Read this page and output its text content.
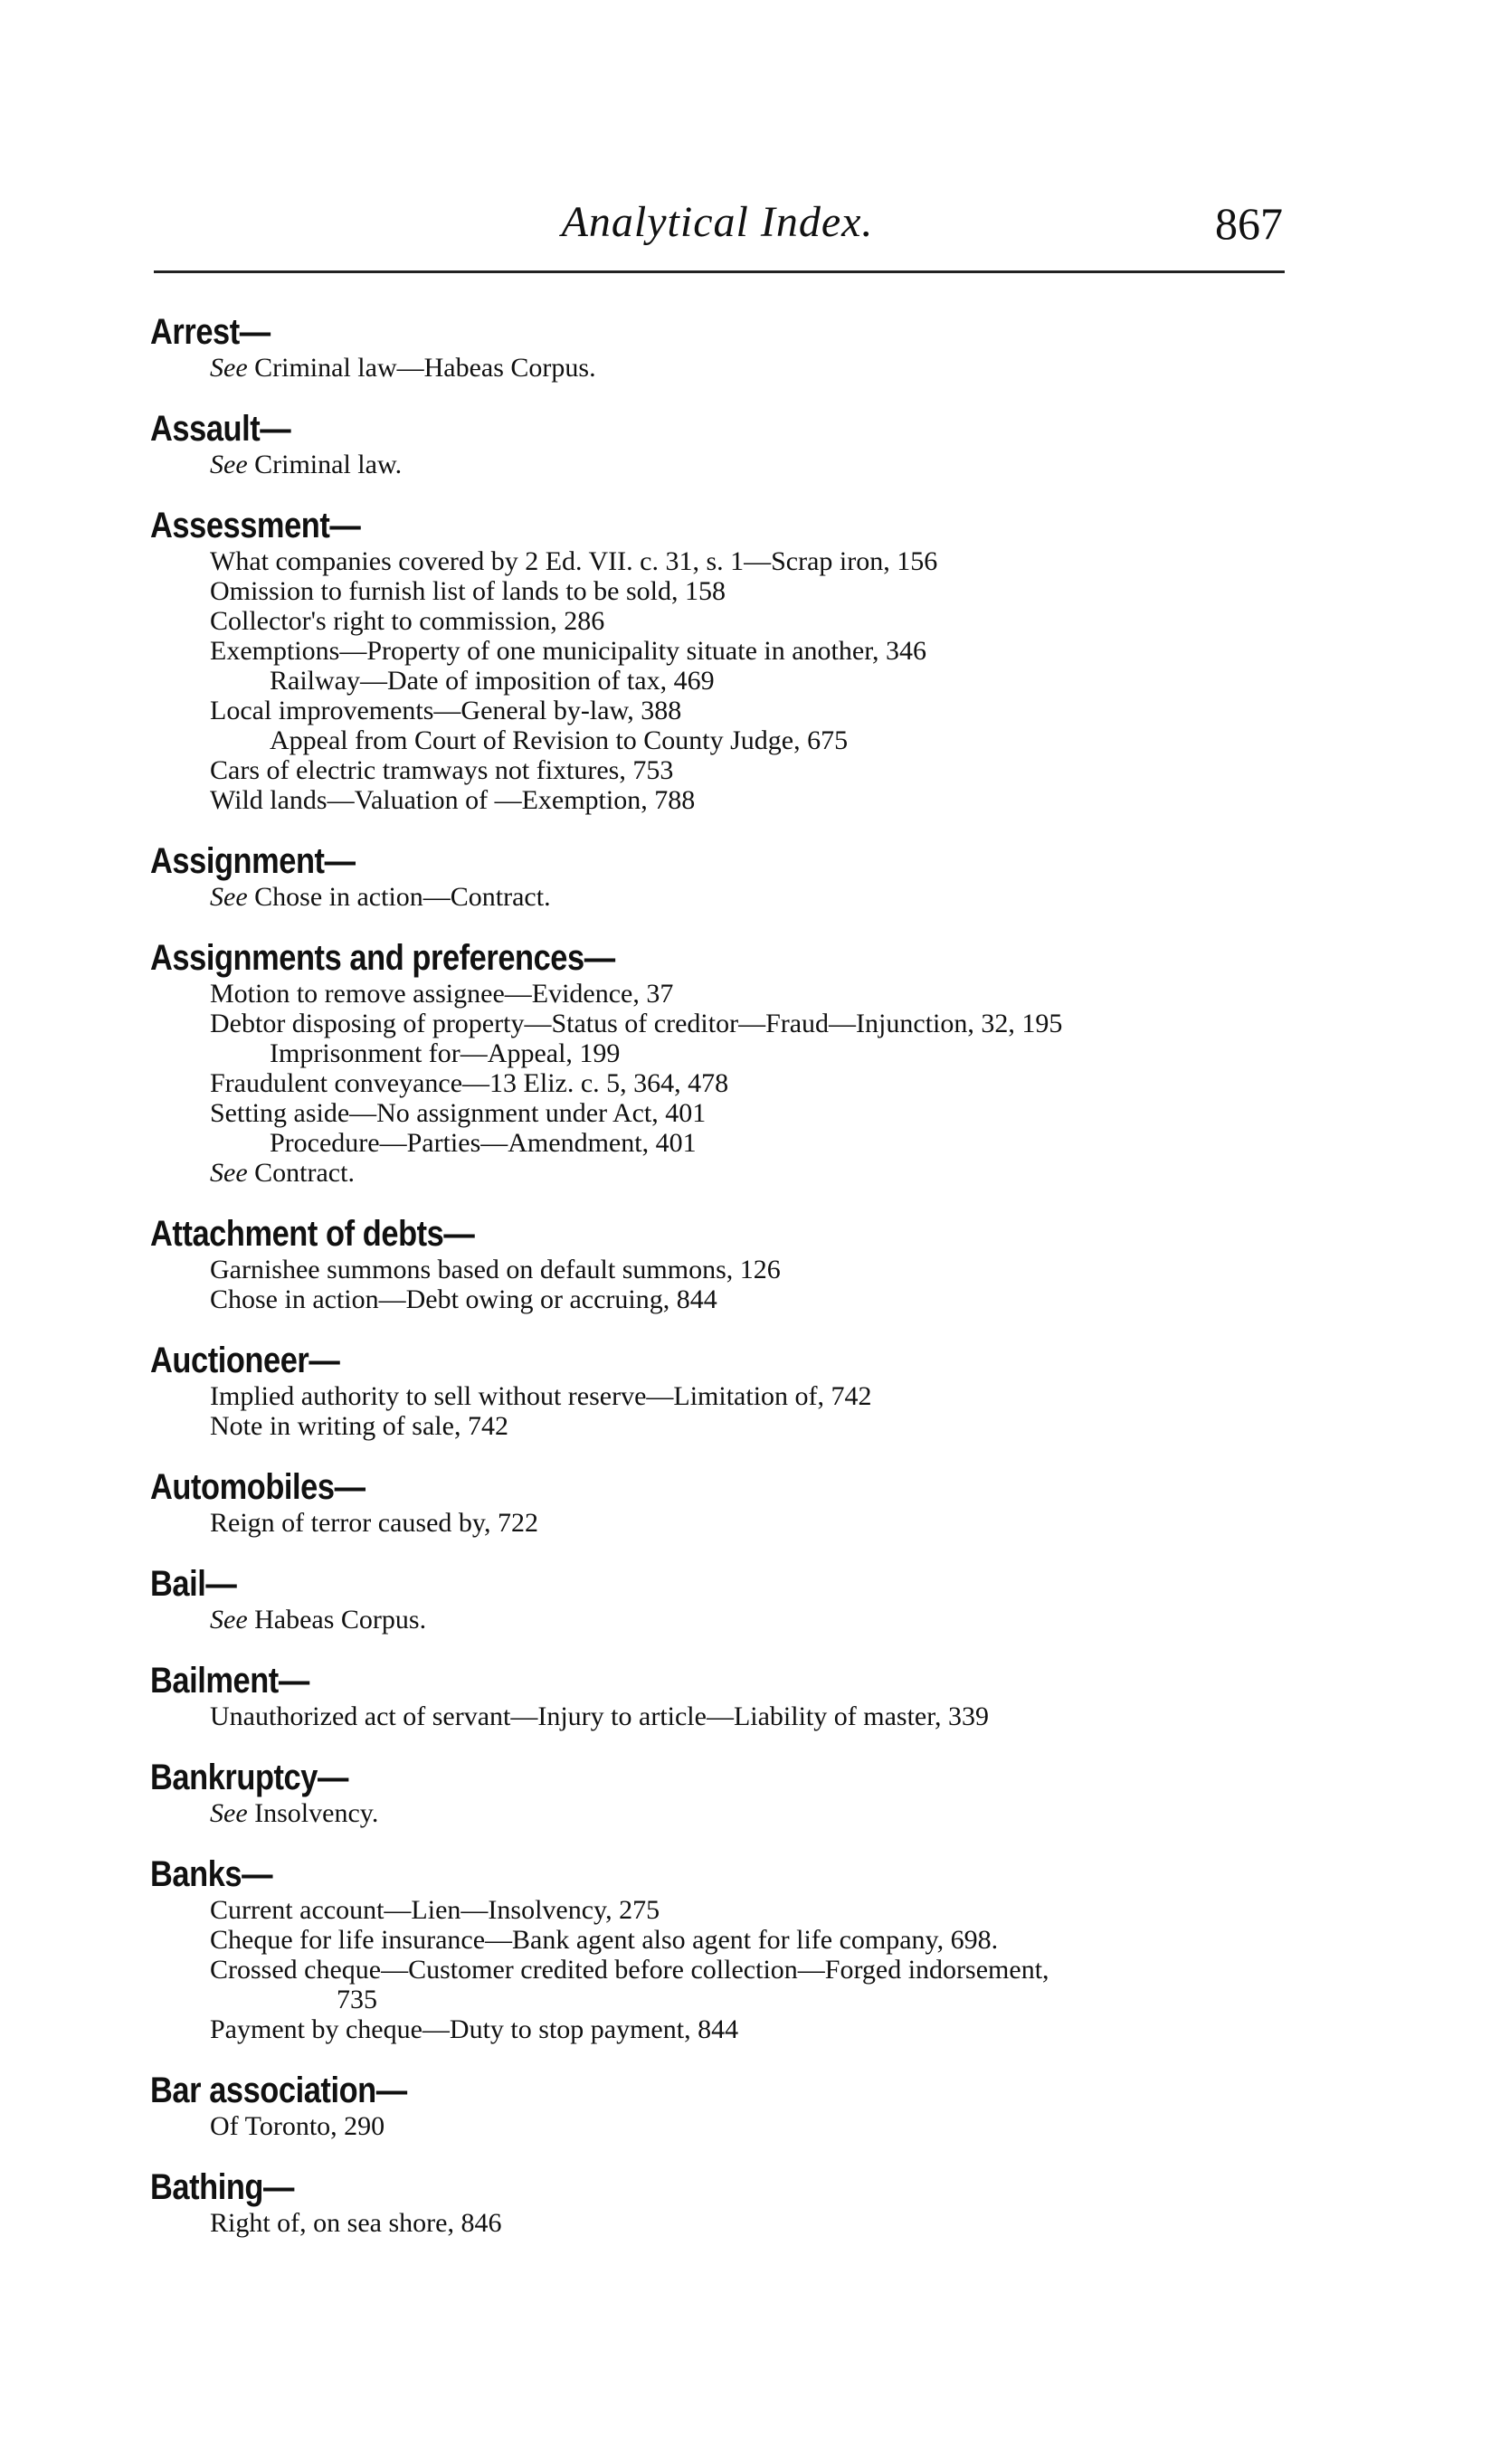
Analytical Index.	867
Arrest—
See Criminal law—Habeas Corpus.
Assault—
See Criminal law.
Assessment—
What companies covered by 2 Ed. VII. c. 31, s. 1—Scrap iron, 156
Omission to furnish list of lands to be sold, 158
Collector's right to commission, 286
Exemptions—Property of one municipality situate in another, 346
Railway—Date of imposition of tax, 469
Local improvements—General by-law, 388
Appeal from Court of Revision to County Judge, 675
Cars of electric tramways not fixtures, 753
Wild lands—Valuation of —Exemption, 788
Assignment—
See Chose in action—Contract.
Assignments and preferences—
Motion to remove assignee—Evidence, 37
Debtor disposing of property—Status of creditor—Fraud—Injunction, 32, 195
Imprisonment for—Appeal, 199
Fraudulent conveyance—13 Eliz. c. 5, 364, 478
Setting aside—No assignment under Act, 401
Procedure—Parties—Amendment, 401
See Contract.
Attachment of debts—
Garnishee summons based on default summons, 126
Chose in action—Debt owing or accruing, 844
Auctioneer—
Implied authority to sell without reserve—Limitation of, 742
Note in writing of sale, 742
Automobiles—
Reign of terror caused by, 722
Bail—
See Habeas Corpus.
Bailment—
Unauthorized act of servant—Injury to article—Liability of master, 339
Bankruptcy—
See Insolvency.
Banks—
Current account—Lien—Insolvency, 275
Cheque for life insurance—Bank agent also agent for life company, 698.
Crossed cheque—Customer credited before collection—Forged indorsement,
735
Payment by cheque—Duty to stop payment, 844
Bar association—
Of Toronto, 290
Bathing—
Right of, on sea shore, 846
